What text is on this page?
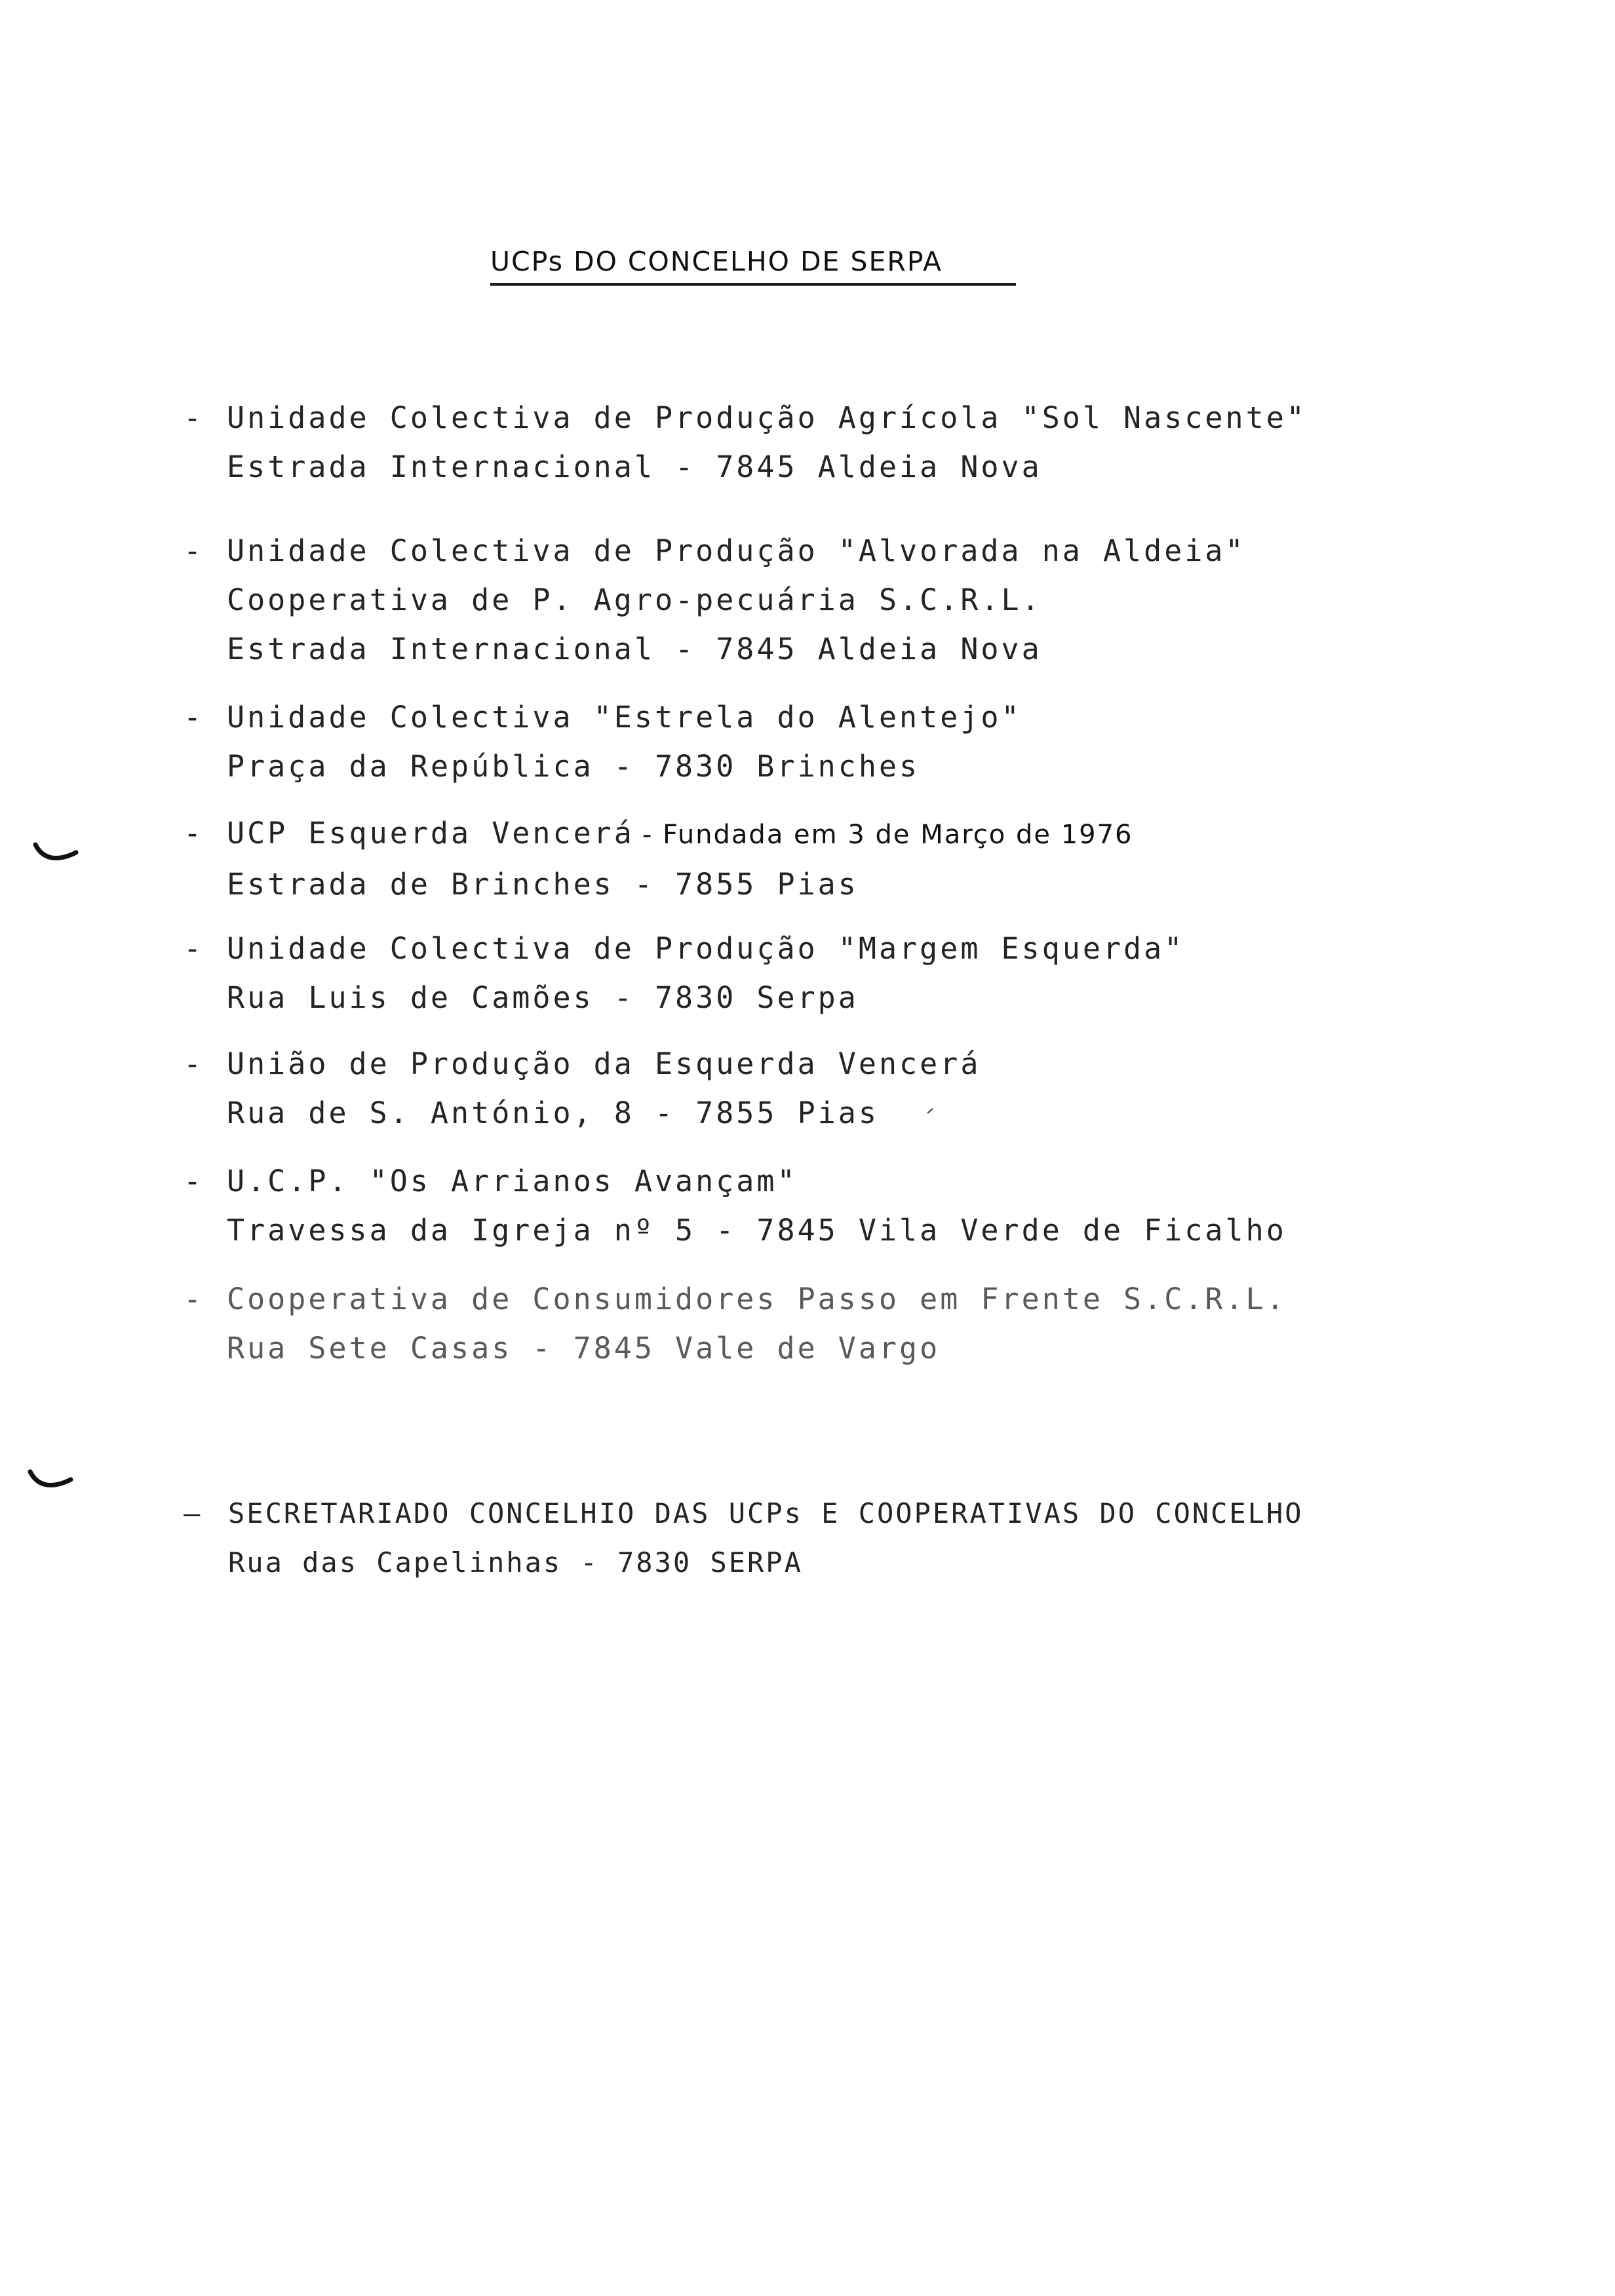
UCPs DO CONCELHO DE SERPA
- Unidade Colectiva de Produção Agrícola "Sol Nascente"
Estrada Internacional - 7845 Aldeia Nova
- Unidade Colectiva de Produção "Alvorada na Aldeia"
Cooperativa de P. Agro-pecuária S.C.R.L.
Estrada Internacional - 7845 Aldeia Nova
- Unidade Colectiva "Estrela do Alentejo"
Praça da República - 7830 Brinches
- UCP Esquerda Vencerá - Fundada em 3 de Março de 1976
Estrada de Brinches - 7855 Pias
- Unidade Colectiva de Produção "Margem Esquerda"
Rua Luis de Camões - 7830 Serpa
- União de Produção da Esquerda Vencerá
Rua de S. António, 8 - 7855 Pias
- U.C.P. "Os Arrianos Avançam"
Travessa da Igreja nº 5 - 7845 Vila Verde de Ficalho
- Cooperativa de Consumidores Passo em Frente S.C.R.L.
Rua Sete Casas - 7845 Vale de Vargo
— SECRETARIADO CONCELHIO DAS UCPs E COOPERATIVAS DO CONCELHO
Rua das Capelinhas - 7830 SERPA
